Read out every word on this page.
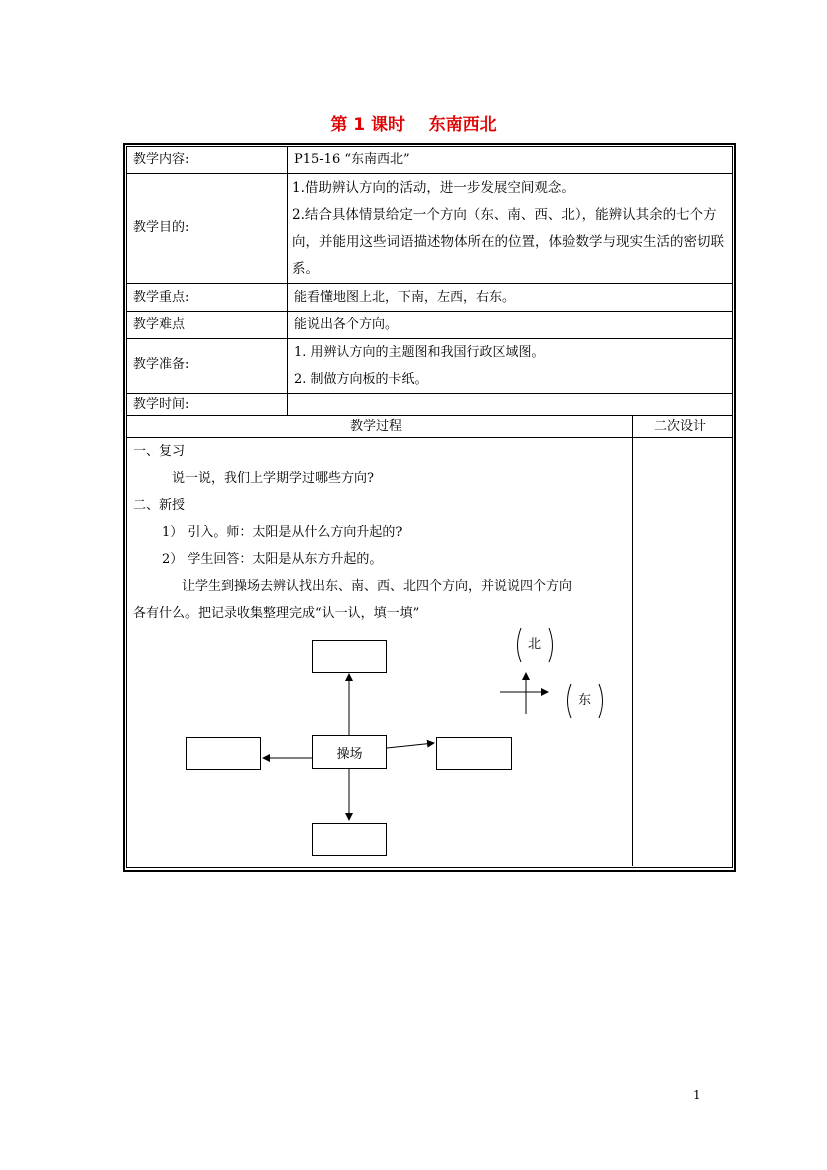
第 1 课时    东南西北
教学内容:	P15-16 “东南西北”
教学目的:
1.借助辨认方向的活动，进一步发展空间观念。
2.结合具体情景给定一个方向（东、南、西、北），能辨认其余的七个方向，并能用这些词语描述物体所在的位置，体验数学与现实生活的密切联系。
教学重点:	能看懂地图上北，下南，左西，右东。
教学难点	能说出各个方向。
教学准备:
1. 用辨认方向的主题图和我国行政区域图。
2. 制做方向板的卡纸。
教学时间:
教学过程	二次设计
一、复习
说一说，我们上学期学过哪些方向?
二、新授
1） 引入。师：太阳是从什么方向升起的?
2） 学生回答：太阳是从东方升起的。
让学生到操场去辨认找出东、南、西、北四个方向，并说说四个方向
各有什么。把记录收集整理完成“认一认，填一填”
操场
北
东
1
